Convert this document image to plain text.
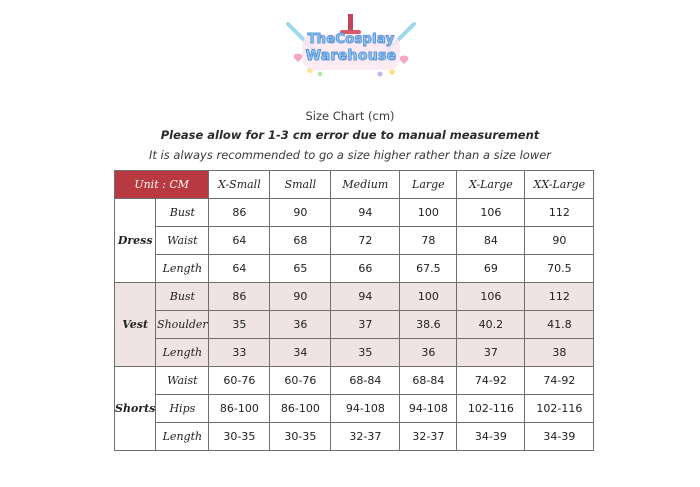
TheCosplay
Warehouse
Size Chart (cm)
Please allow for 1-3 cm error due to manual measurement
It is always recommended to go a size higher rather than a size lower
Unit : CM		X-Small	Small	Medium	Large	X-Large	XX-Large
Dress	Bust	86	90	94	100	106	112
	Waist	64	68	72	78	84	90
	Length	64	65	66	67.5	69	70.5
Vest	Bust	86	90	94	100	106	112
	Shoulder	35	36	37	38.6	40.2	41.8
	Length	33	34	35	36	37	38
Shorts	Waist	60-76	60-76	68-84	68-84	74-92	74-92
	Hips	86-100	86-100	94-108	94-108	102-116	102-116
	Length	30-35	30-35	32-37	32-37	34-39	34-39
